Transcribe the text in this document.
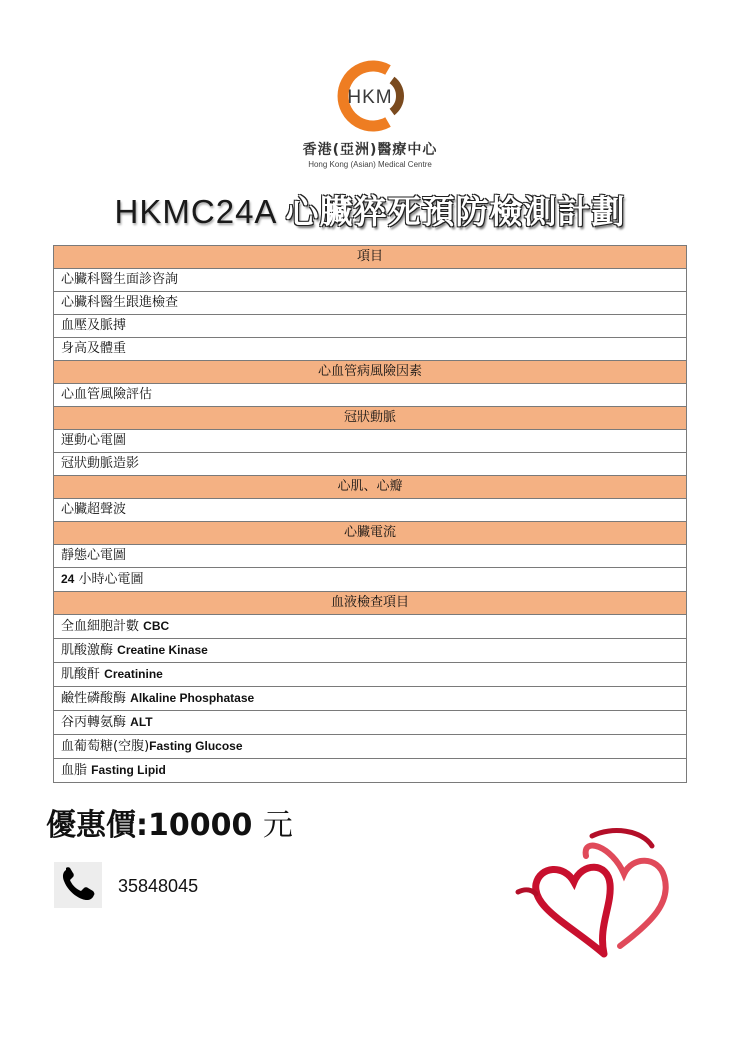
HKM
香港(亞洲)醫療中心
Hong Kong (Asian) Medical Centre
HKMC24A 心臟猝死預防檢測計劃
項目
心臟科醫生面診咨詢
心臟科醫生跟進檢查
血壓及脈搏
身高及體重
心血管病風險因素
心血管風險評估
冠狀動脈
運動心電圖
冠狀動脈造影
心肌、心瓣
心臟超聲波
心臟電流
靜態心電圖
24 小時心電圖
血液檢查項目
全血細胞計數 CBC
肌酸激酶 Creatine Kinase
肌酸酐 Creatinine
鹼性磷酸酶 Alkaline Phosphatase
谷丙轉氨酶 ALT
血葡萄糖(空腹)Fasting Glucose
血脂 Fasting Lipid
優惠價:10000 元
35848045
